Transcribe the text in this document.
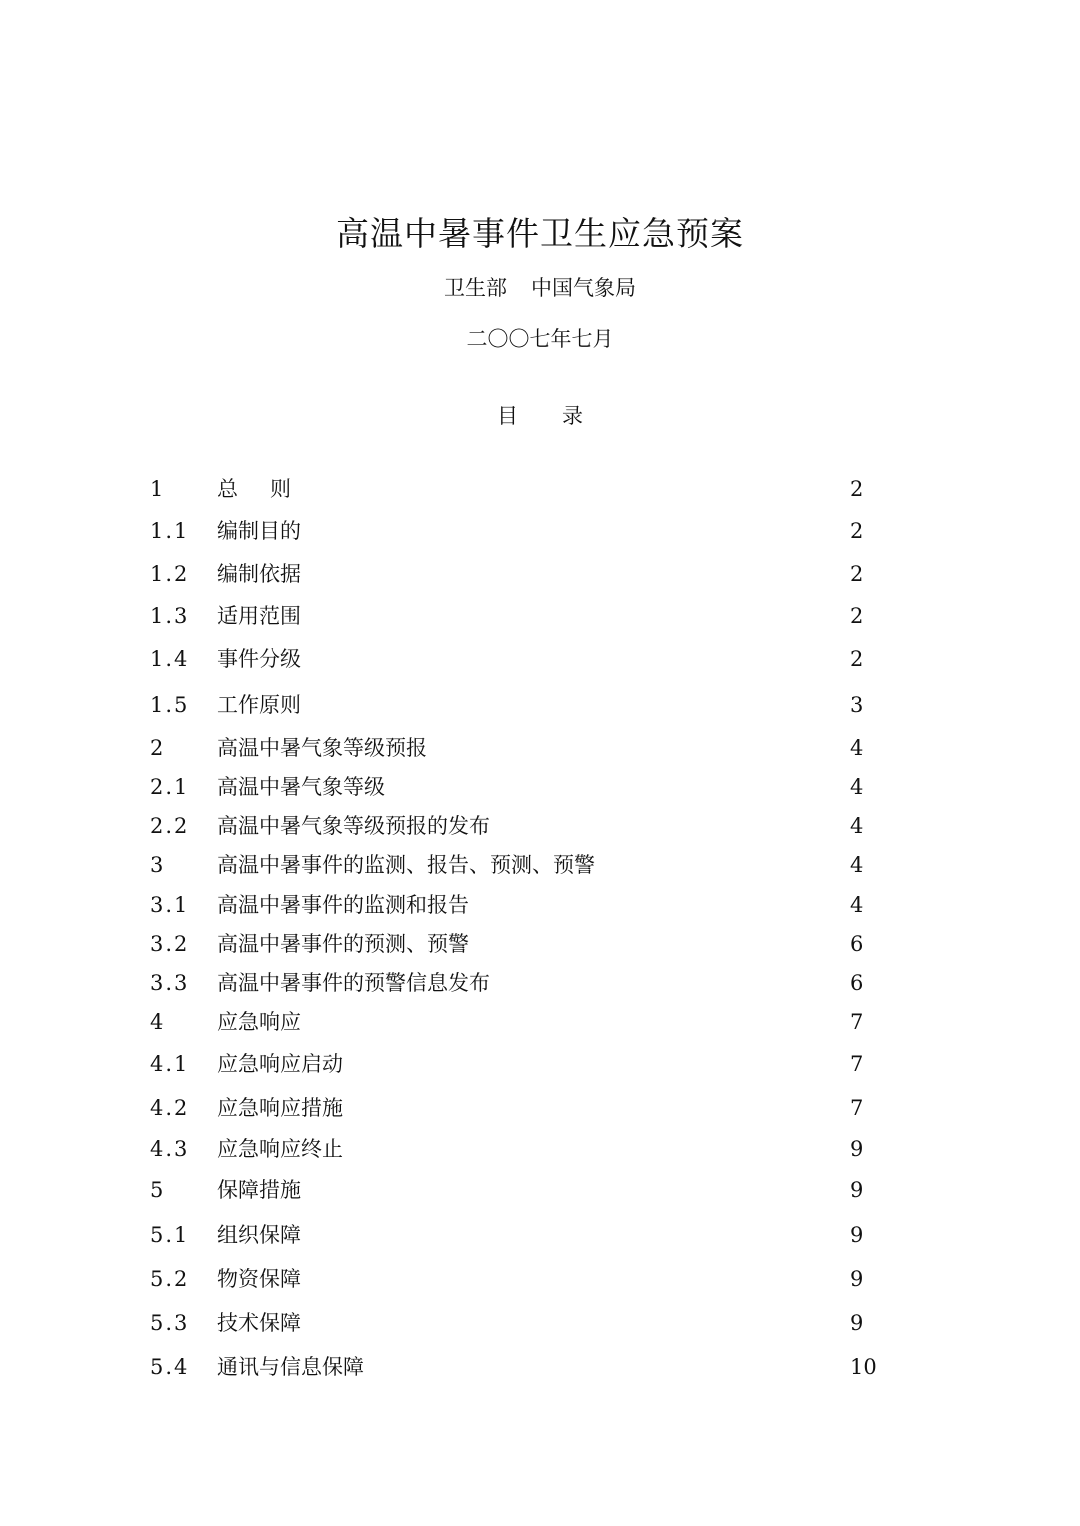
高温中暑事件卫生应急预案
卫生部 中国气象局
二〇〇七年七月
目录
1 总则	2
1.1 编制目的	2
1.2 编制依据	2
1.3 适用范围	2
1.4 事件分级	2
1.5 工作原则	3
2 高温中暑气象等级预报	4
2.1 高温中暑气象等级	4
2.2 高温中暑气象等级预报的发布	4
3 高温中暑事件的监测、报告、预测、预警	4
3.1 高温中暑事件的监测和报告	4
3.2 高温中暑事件的预测、预警	6
3.3 高温中暑事件的预警信息发布	6
4 应急响应	7
4.1 应急响应启动	7
4.2 应急响应措施	7
4.3 应急响应终止	9
5 保障措施	9
5.1 组织保障	9
5.2 物资保障	9
5.3 技术保障	9
5.4 通讯与信息保障	10
